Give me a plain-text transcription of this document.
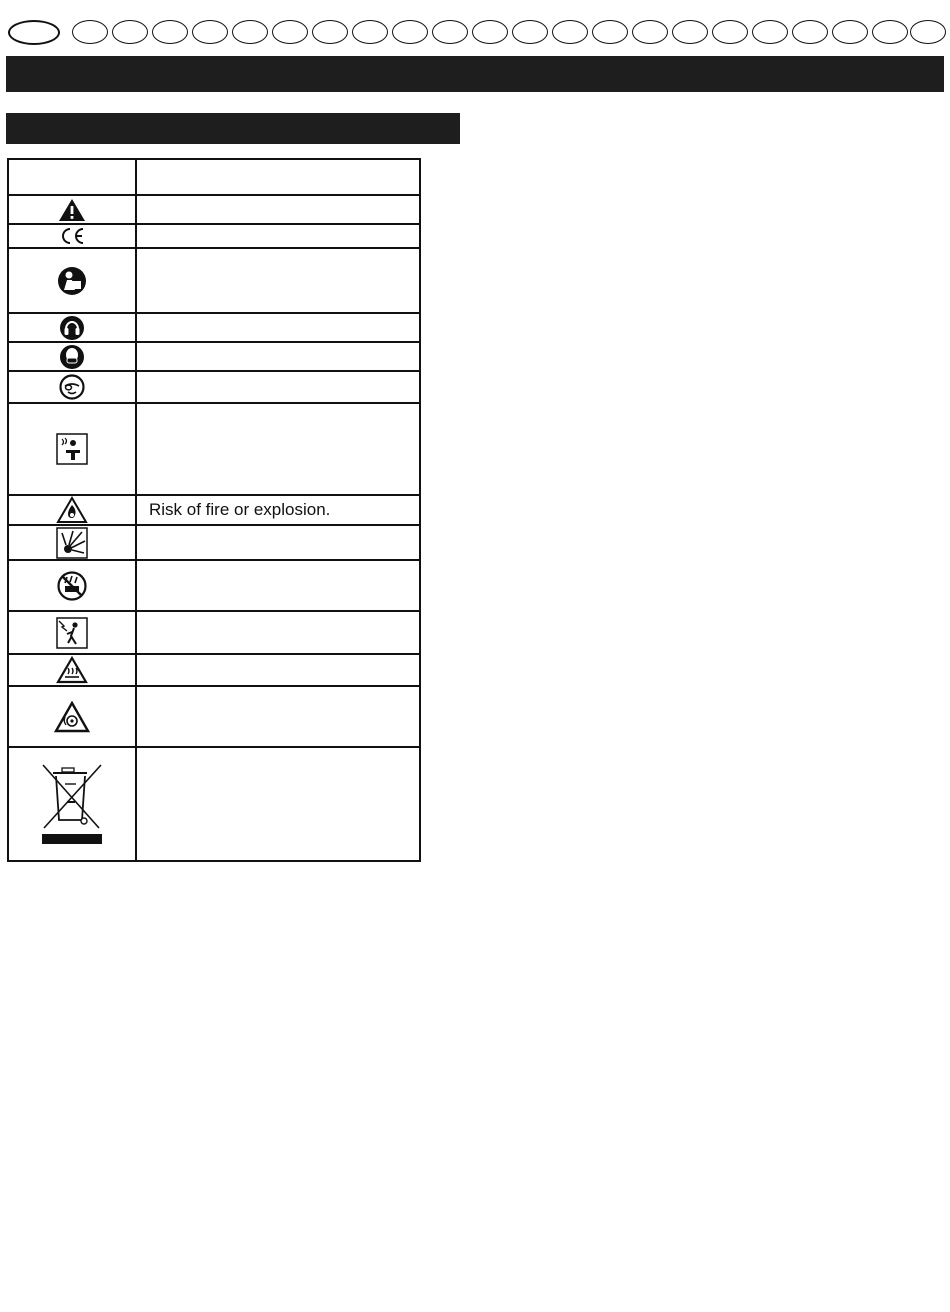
	Risk of fire or explosion.
